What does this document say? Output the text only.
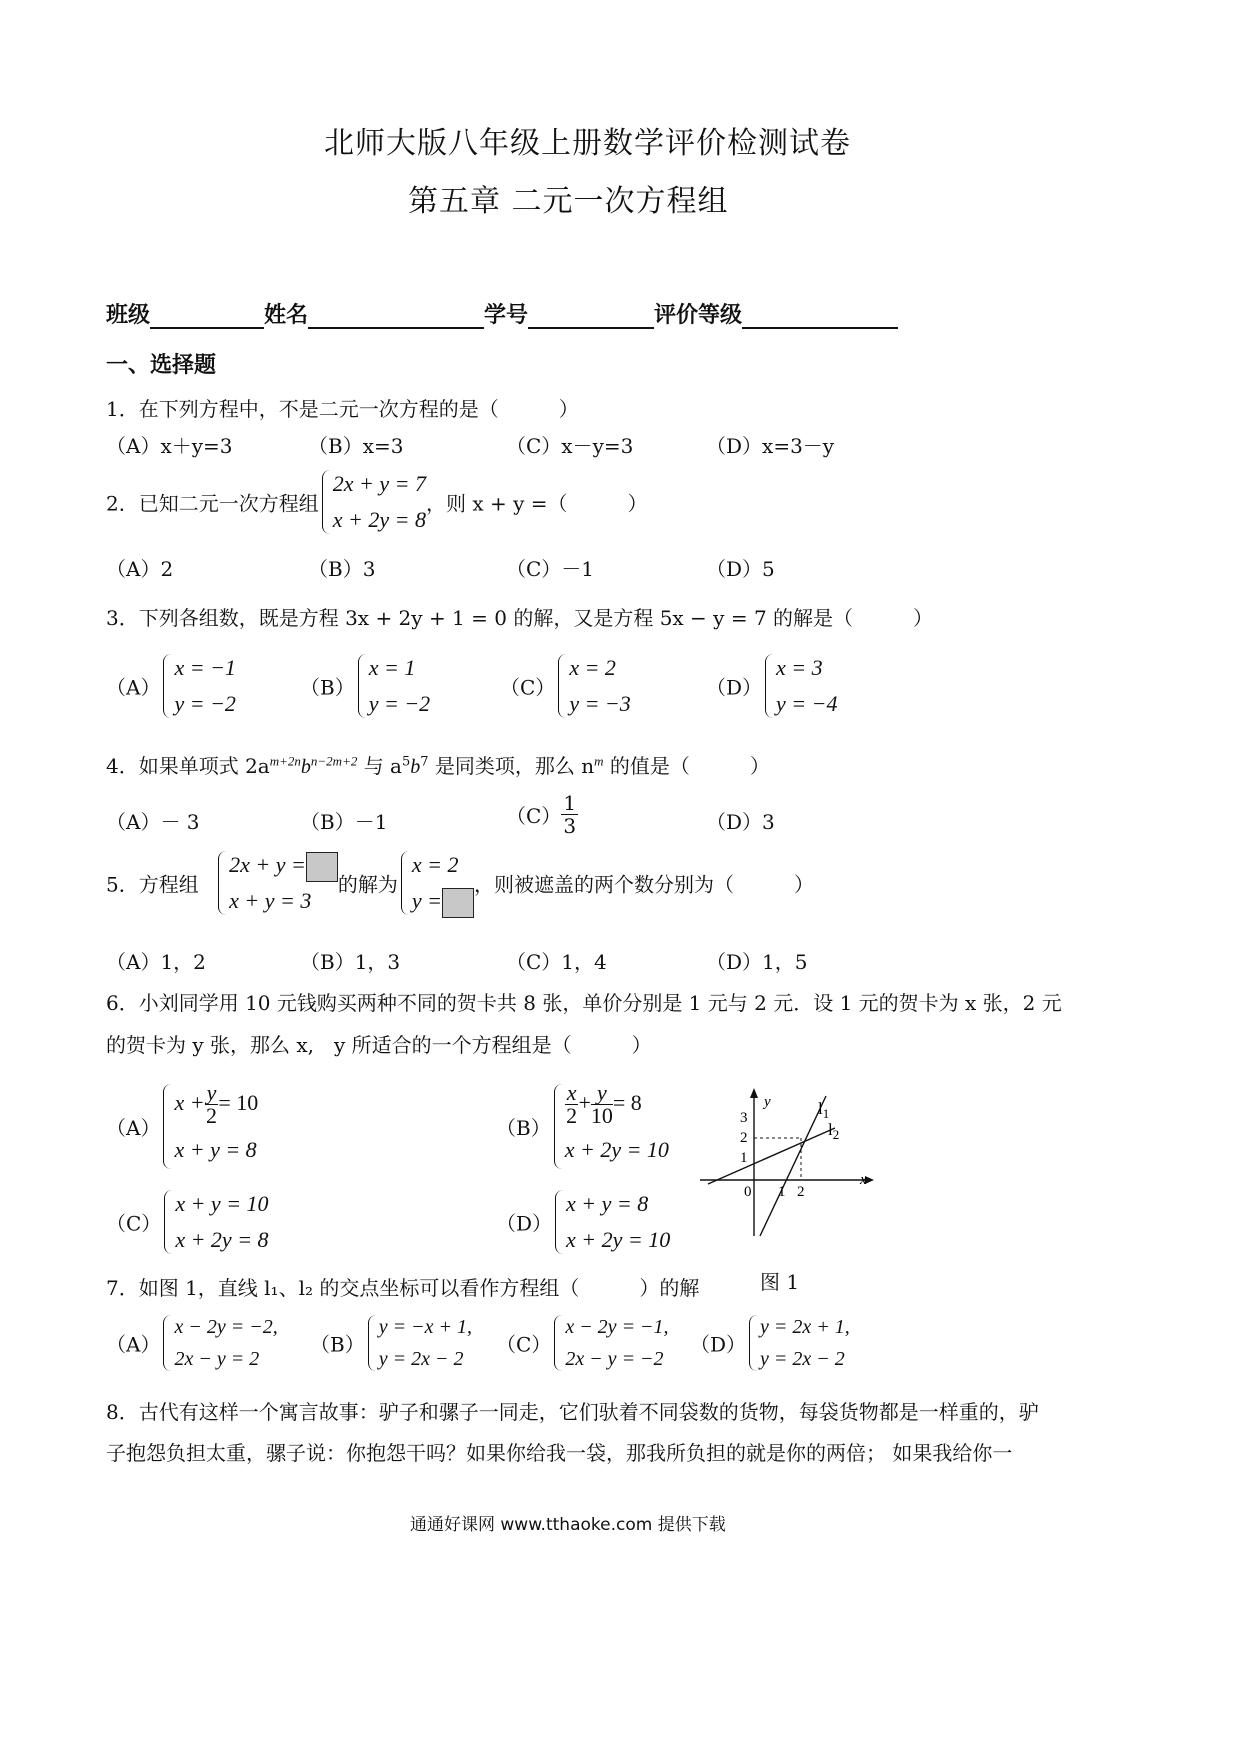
北师大版八年级上册数学评价检测试卷
第五章 二元一次方程组
班级	姓名	学号	评价等级
一、选择题
1．在下列方程中，不是二元一次方程的是（　　　）
（A）x＋y=3	（B）x=3	（C）x－y=3	（D）x=3－y
2．已知二元一次方程组
2x + y = 7
x + 2y = 8
，则 x + y =（　　　）
（A）2	（B）3	（C）－1	（D）5
3．下列各组数，既是方程 3x + 2y + 1 = 0 的解，又是方程 5x − y = 7 的解是（　　　）
（A）
x = −1
y = −2
（B）
x = 1
y = −2
（C）
x = 2
y = −3
（D）
x = 3
y = −4
4．如果单项式 $2a^{m+2n}b^{n-2m+2}$ 与 $a^5b^7$ 是同类项，那么 $n^m$ 的值是（　　　）
（A）－ 3	（B）－1	$(C) \frac{1}{3}$	（D）3
5．方程组
2x + y =
x + y = 3
的解为
x = 2
y =
，则被遮盖的两个数分别为（　　　）
（A）1，2	（B）1，3	（C）1，4	（D）1，5
6．小刘同学用 10 元钱购买两种不同的贺卡共 8 张，单价分别是 1 元与 2 元．设 1 元的贺卡为 x 张，2 元
的贺卡为 y 张，那么 x,　y 所适合的一个方程组是（　　　）
（A）
$x + \frac{y}{2} = 10$
x + y = 8
（B）
$\frac{x}{2} + \frac{y}{10} = 8$
x + 2y = 10
（C）
x + y = 10
x + 2y = 8
（D）
x + y = 8
x + 2y = 10
y
x
3
2
1
0 1 2
$l_1$
$l_2$
图 1
7．如图 1，直线 l₁、l₂ 的交点坐标可以看作方程组（　　　）的解
（A）
x − 2y = −2,
2x − y = 2
（B）
y = −x + 1,
y = 2x − 2
（C）
x − 2y = −1,
2x − y = −2
（D）
y = 2x + 1,
y = 2x − 2
8．古代有这样一个寓言故事：驴子和骡子一同走，它们驮着不同袋数的货物，每袋货物都是一样重的，驴
子抱怨负担太重，骡子说：你抱怨干吗？如果你给我一袋，那我所负担的就是你的两倍； 如果我给你一
通通好课网 www.tthaoke.com 提供下载
